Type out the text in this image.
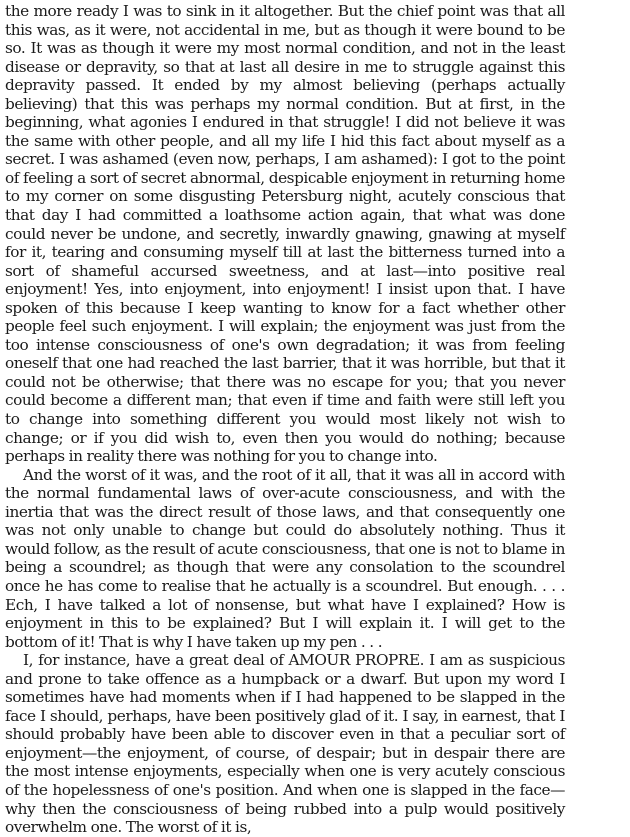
the more ready I was to sink in it altogether. But the chief point was that all this was, as it were, not accidental in me, but as though it were bound to be so. It was as though it were my most normal condition, and not in the least disease or depravity, so that at last all desire in me to struggle against this depravity passed. It ended by my almost believing (perhaps actually believing) that this was perhaps my normal condition. But at first, in the beginning, what agonies I endured in that struggle! I did not believe it was the same with other people, and all my life I hid this fact about myself as a secret. I was ashamed (even now, perhaps, I am ashamed): I got to the point of feeling a sort of secret abnormal, despicable enjoyment in returning home to my corner on some disgusting Petersburg night, acutely conscious that that day I had committed a loathsome action again, that what was done could never be undone, and secretly, inwardly gnawing, gnawing at myself for it, tearing and consuming myself till at last the bitterness turned into a sort of shameful accursed sweetness, and at last—into positive real enjoyment! Yes, into enjoyment, into enjoyment! I insist upon that. I have spoken of this because I keep wanting to know for a fact whether other people feel such enjoyment. I will explain; the enjoyment was just from the too intense consciousness of one's own degradation; it was from feeling oneself that one had reached the last barrier, that it was horrible, but that it could not be otherwise; that there was no escape for you; that you never could become a different man; that even if time and faith were still left you to change into something different you would most likely not wish to change; or if you did wish to, even then you would do nothing; because perhaps in reality there was nothing for you to change into.

And the worst of it was, and the root of it all, that it was all in accord with the normal fundamental laws of over-acute consciousness, and with the inertia that was the direct result of those laws, and that consequently one was not only unable to change but could do absolutely nothing. Thus it would follow, as the result of acute consciousness, that one is not to blame in being a scoundrel; as though that were any consolation to the scoundrel once he has come to realise that he actually is a scoundrel. But enough. . . . Ech, I have talked a lot of nonsense, but what have I explained? How is enjoyment in this to be explained? But I will explain it. I will get to the bottom of it! That is why I have taken up my pen . . .

I, for instance, have a great deal of AMOUR PROPRE. I am as suspicious and prone to take offence as a humpback or a dwarf. But upon my word I sometimes have had moments when if I had happened to be slapped in the face I should, perhaps, have been positively glad of it. I say, in earnest, that I should probably have been able to discover even in that a peculiar sort of enjoyment—the enjoyment, of course, of despair; but in despair there are the most intense enjoyments, especially when one is very acutely conscious of the hopelessness of one's position. And when one is slapped in the face—why then the consciousness of being rubbed into a pulp would positively overwhelm one. The worst of it is,
